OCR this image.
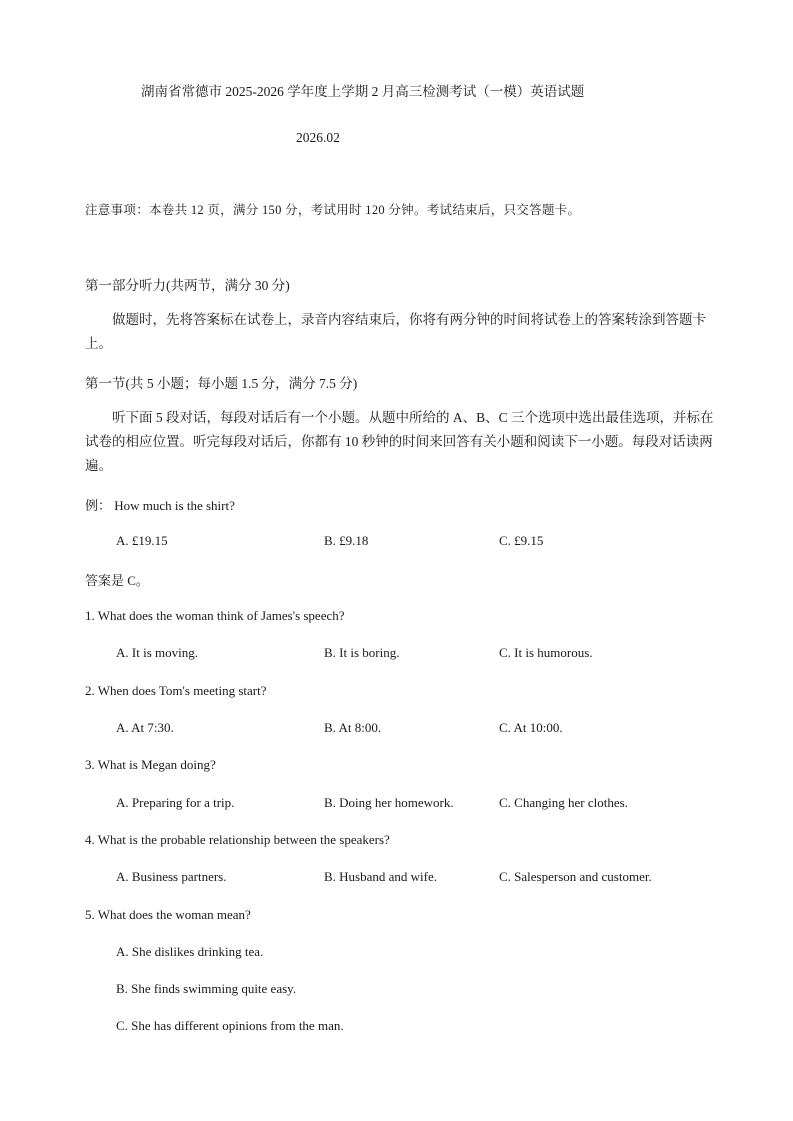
湖南省常德市 2025-2026 学年度上学期 2 月高三检测考试（一模）英语试题
2026.02
注意事项：本卷共 12 页，满分 150 分，考试用时 120 分钟。考试结束后，只交答题卡。
第一部分听力(共两节，满分 30 分)
做题时，先将答案标在试卷上，录音内容结束后，你将有两分钟的时间将试卷上的答案转涂到答题卡上。
第一节(共 5 小题；每小题 1.5 分，满分 7.5 分)
听下面 5 段对话，每段对话后有一个小题。从题中所给的 A、B、C 三个选项中选出最佳选项，并标在试卷的相应位置。听完每段对话后，你都有 10 秒钟的时间来回答有关小题和阅读下一小题。每段对话读两遍。
例： How much is the shirt?
A. £19.15	B. £9.18	C. £9.15
答案是 C。
1. What does the woman think of James's speech?
A. It is moving.	B. It is boring.	C. It is humorous.
2. When does Tom's meeting start?
A. At 7:30.	B. At 8:00.	C. At 10:00.
3. What is Megan doing?
A. Preparing for a trip.	B. Doing her homework.	C. Changing her clothes.
4. What is the probable relationship between the speakers?
A. Business partners.	B. Husband and wife.	C. Salesperson and customer.
5. What does the woman mean?
A. She dislikes drinking tea.
B. She finds swimming quite easy.
C. She has different opinions from the man.
